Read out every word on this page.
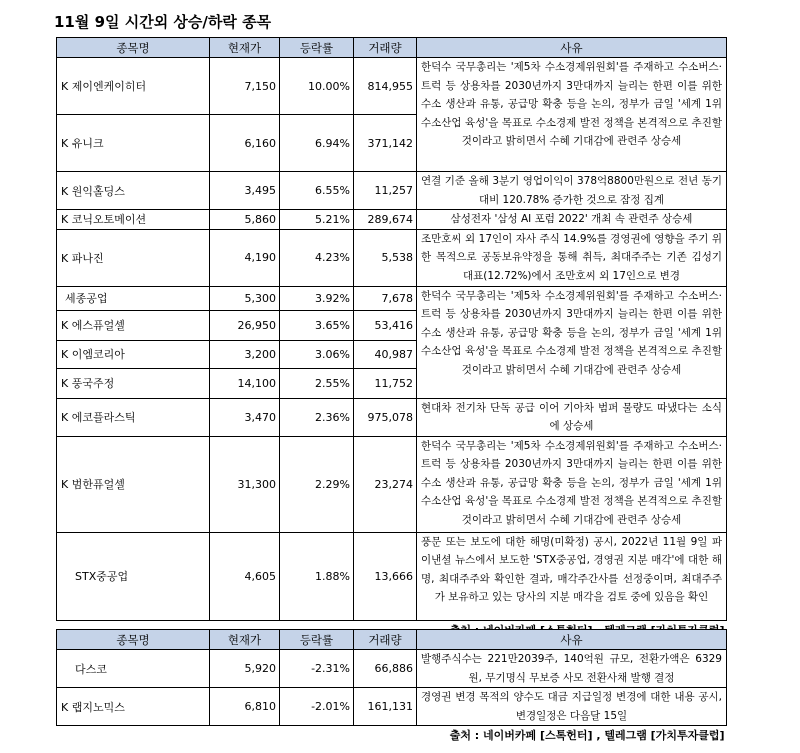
11월 9일 시간외 상승/하락 종목
종목명	현재가	등락률	거래량	사유
K 제이엔케이히터	7,150	10.00%	814,955	한덕수 국무총리는 '제5차 수소경제위원회'를 주재하고 수소버스·트럭 등 상용차를 2030년까지 3만대까지 늘리는 한편 이를 위한 수소 생산과 유통, 공급망 확충 등을 논의, 정부가 금일 '세계 1위 수소산업 육성'을 목표로 수소경제 발전 정책을 본격적으로 추진할 것이라고 밝히면서 수혜 기대감에 관련주 상승세

K 유니크	6,160	6.94%	371,142	
K 원익홀딩스	3,495	6.55%	11,257	연결 기준 올해 3분기 영업이익이 378억8800만원으로 전년 동기 대비 120.78% 증가한 것으로 잠정 집계

K 코닉오토메이션	5,860	5.21%	289,674	삼성전자 '삼성 AI 포럼 2022' 개최 속 관련주 상승세

K 파나진	4,190	4.23%	5,538	조만호씨 외 17인이 자사 주식 14.9%를 경영권에 영향을 주기 위한 목적으로 공동보유약정을 통해 취득, 최대주주는 기존 김성기 대표(12.72%)에서 조만호씨 외 17인으로 변경

세종공업	5,300	3.92%	7,678	한덕수 국무총리는 '제5차 수소경제위원회'를 주재하고 수소버스·트럭 등 상용차를 2030년까지 3만대까지 늘리는 한편 이를 위한 수소 생산과 유통, 공급망 확충 등을 논의, 정부가 금일 '세계 1위 수소산업 육성'을 목표로 수소경제 발전 정책을 본격적으로 추진할 것이라고 밝히면서 수혜 기대감에 관련주 상승세

K 에스퓨얼셀	26,950	3.65%	53,416	
K 이엠코리아	3,200	3.06%	40,987	
K 풍국주정	14,100	2.55%	11,752	
K 에코플라스틱	3,470	2.36%	975,078	현대차 전기차 단독 공급 이어 기아차 범퍼 물량도 따냈다는 소식에 상승세

K 범한퓨얼셀	31,300	2.29%	23,274	한덕수 국무총리는 '제5차 수소경제위원회'를 주재하고 수소버스·트럭 등 상용차를 2030년까지 3만대까지 늘리는 한편 이를 위한 수소 생산과 유통, 공급망 확충 등을 논의, 정부가 금일 '세계 1위 수소산업 육성'을 목표로 수소경제 발전 정책을 본격적으로 추진할 것이라고 밝히면서 수혜 기대감에 관련주 상승세

STX중공업	4,605	1.88%	13,666	풍문 또는 보도에 대한 해명(미확정) 공시, 2022년 11월 9일 파이낸셜 뉴스에서 보도한 'STX중공업, 경영권 지분 매각'에 대한 해명, 최대주주와 확인한 결과, 매각주간사를 선정중이며, 최대주주가 보유하고 있는 당사의 지분 매각을 검토 중에 있음을 확인

종목명	현재가	등락률	거래량	사유
다스코	5,920	-2.31%	66,886	발행주식수는 221만2039주, 140억원 규모, 전환가액은 6329원, 무기명식 무보증 사모 전환사채 발행 결정

K 랩지노믹스	6,810	-2.01%	161,131	경영권 변경 목적의 양수도 대금 지급일정 변경에 대한 내용 공시, 변경일정은 다음달 15일

출처 : 네이버카페 [스톡헌터] , 텔레그램 [가치투자클럽]				
